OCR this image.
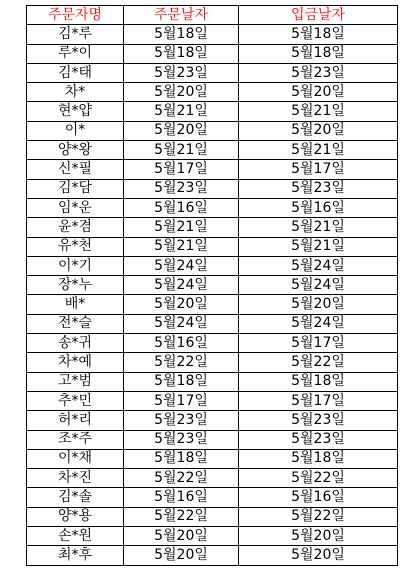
주문자명	주문날자	입금날자
김*루	5월18일	5월18일
루*이	5월18일	5월18일
김*태	5월23일	5월23일
차*	5월20일	5월20일
현*얍	5월21일	5월21일
이*	5월20일	5월20일
양*왕	5월21일	5월21일
신*필	5월17일	5월17일
김*담	5월23일	5월23일
임*운	5월16일	5월16일
윤*겸	5월21일	5월21일
유*천	5월21일	5월21일
이*기	5월24일	5월24일
장*누	5월24일	5월24일
배*	5월20일	5월20일
전*슬	5월24일	5월24일
송*귀	5월16일	5월17일
차*예	5월22일	5월22일
고*범	5월18일	5월18일
추*민	5월17일	5월17일
허*리	5월23일	5월23일
조*주	5월23일	5월23일
이*채	5월18일	5월18일
차*진	5월22일	5월22일
김*솔	5월16일	5월16일
양*용	5월22일	5월22일
손*원	5월20일	5월20일
최*후	5월20일	5월20일
